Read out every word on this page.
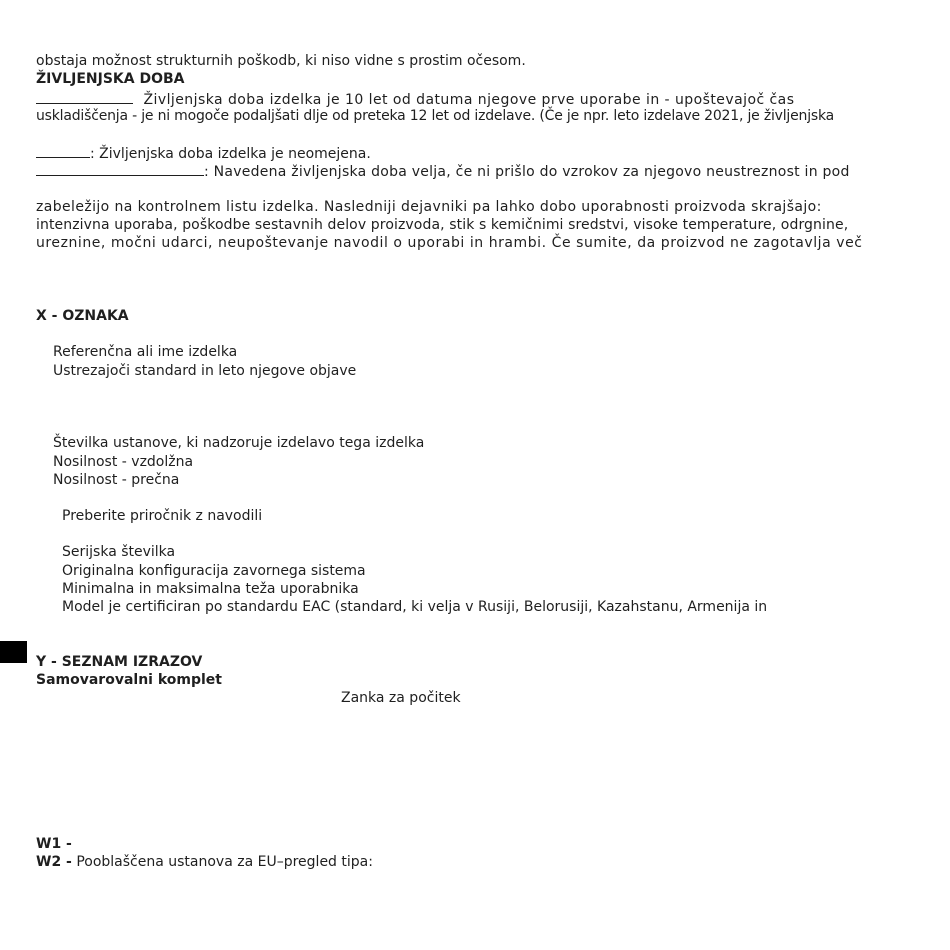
obstaja možnost strukturnih poškodb, ki niso vidne s prostim očesom.
ŽIVLJENJSKA DOBA
Življenjska doba izdelka je 10 let od datuma njegove prve uporabe in - upoštevajoč čas
uskladiščenja - je ni mogoče podaljšati dlje od preteka 12 let od izdelave. (Če je npr. leto izdelave 2021, je življenjska
: Življenjska doba izdelka je neomejena.
: Navedena življenjska doba velja, če ni prišlo do vzrokov za njegovo neustreznost in pod
zabeležijo na kontrolnem listu izdelka. Nasledniji dejavniki pa lahko dobo uporabnosti proizvoda skrajšajo:
intenzivna uporaba, poškodbe sestavnih delov proizvoda, stik s kemičnimi sredstvi, visoke temperature, odrgnine,
ureznine, močni udarci, neupoštevanje navodil o uporabi in hrambi. Če sumite, da proizvod ne zagotavlja več
X - OZNAKA
Referenčna ali ime izdelka
Ustrezajoči standard in leto njegove objave
Številka ustanove, ki nadzoruje izdelavo tega izdelka
Nosilnost - vzdolžna
Nosilnost - prečna
Preberite priročnik z navodili
Serijska številka
Originalna konfiguracija zavornega sistema
Minimalna in maksimalna teža uporabnika
Model je certificiran po standardu EAC (standard, ki velja v Rusiji, Belorusiji, Kazahstanu, Armenija in
Y - SEZNAM IZRAZOV
Samovarovalni komplet
Zanka za počitek
W1 -
W2 - Pooblaščena ustanova za EU–pregled tipa:
